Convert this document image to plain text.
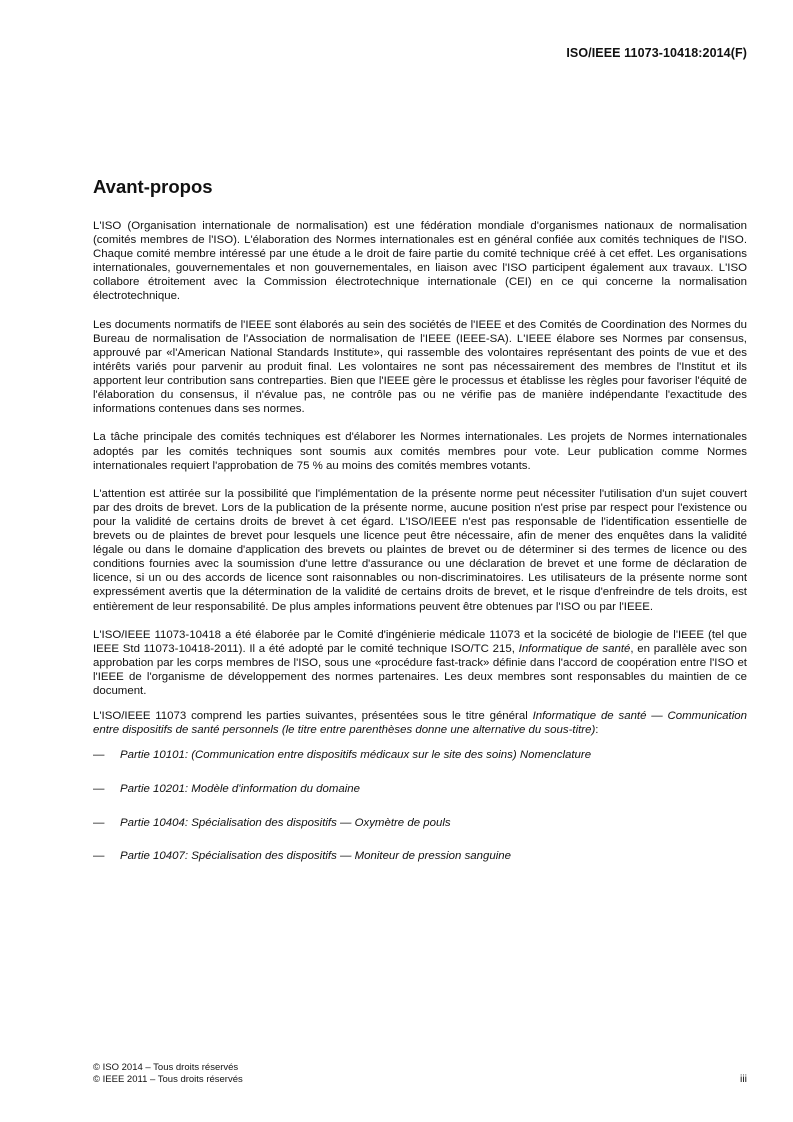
ISO/IEEE 11073-10418:2014(F)
Avant-propos

L'ISO (Organisation internationale de normalisation) est une fédération mondiale d'organismes nationaux de normalisation (comités membres de l'ISO). L'élaboration des Normes internationales est en général confiée aux comités techniques de l'ISO. Chaque comité membre intéressé par une étude a le droit de faire partie du comité technique créé à cet effet. Les organisations internationales, gouvernementales et non gouvernementales, en liaison avec l'ISO participent également aux travaux. L'ISO collabore étroitement avec la Commission électrotechnique internationale (CEI) en ce qui concerne la normalisation électrotechnique.

Les documents normatifs de l'IEEE sont élaborés au sein des sociétés de l'IEEE et des Comités de Coordination des Normes du Bureau de normalisation de l'Association de normalisation de l'IEEE (IEEE-SA). L'IEEE élabore ses Normes par consensus, approuvé par «l'American National Standards Institute», qui rassemble des volontaires représentant des points de vue et des intérêts variés pour parvenir au produit final. Les volontaires ne sont pas nécessairement des membres de l'Institut et ils apportent leur contribution sans contreparties. Bien que l'IEEE gère le processus et établisse les règles pour favoriser l'équité de l'élaboration du consensus, il n'évalue pas, ne contrôle pas ou ne vérifie pas de manière indépendante l'exactitude des informations contenues dans ses normes.

La tâche principale des comités techniques est d'élaborer les Normes internationales. Les projets de Normes internationales adoptés par les comités techniques sont soumis aux comités membres pour vote. Leur publication comme Normes internationales requiert l'approbation de 75 % au moins des comités membres votants.

L'attention est attirée sur la possibilité que l'implémentation de la présente norme peut nécessiter l'utilisation d'un sujet couvert par des droits de brevet. Lors de la publication de la présente norme, aucune position n'est prise par respect pour l'existence ou pour la validité de certains droits de brevet à cet égard. L'ISO/IEEE n'est pas responsable de l'identification essentielle de brevets ou de plaintes de brevet pour lesquels une licence peut être nécessaire, afin de mener des enquêtes dans la validité légale ou dans le domaine d'application des brevets ou plaintes de brevet ou de déterminer si des termes de licence ou des conditions fournies avec la soumission d'une lettre d'assurance ou une déclaration de brevet et une forme de déclaration de licence, si un ou des accords de licence sont raisonnables ou non-discriminatoires. Les utilisateurs de la présente norme sont expressément avertis que la détermination de la validité de certains droits de brevet, et le risque d'enfreindre de tels droits, est entièrement de leur responsabilité. De plus amples informations peuvent être obtenues par l'ISO ou par l'IEEE.

L'ISO/IEEE 11073-10418 a été élaborée par le Comité d'ingénierie médicale 11073 et la socicété de biologie de l'IEEE (tel que IEEE Std 11073-10418-2011). Il a été adopté par le comité technique ISO/TC 215, Informatique de santé, en parallèle avec son approbation par les corps membres de l'ISO, sous une «procédure fast-track» définie dans l'accord de coopération entre l'ISO et l'IEEE de l'organisme de développement des normes partenaires. Les deux membres sont responsables du maintien de ce document.

L'ISO/IEEE 11073 comprend les parties suivantes, présentées sous le titre général Informatique de santé — Communication entre dispositifs de santé personnels (le titre entre parenthèses donne une alternative du sous-titre):

— Partie 10101: (Communication entre dispositifs médicaux sur le site des soins) Nomenclature
— Partie 10201: Modèle d'information du domaine
— Partie 10404: Spécialisation des dispositifs — Oxymètre de pouls
— Partie 10407: Spécialisation des dispositifs — Moniteur de pression sanguine
© ISO 2014 – Tous droits réservés
© IEEE 2011 – Tous droits réservés	iii
